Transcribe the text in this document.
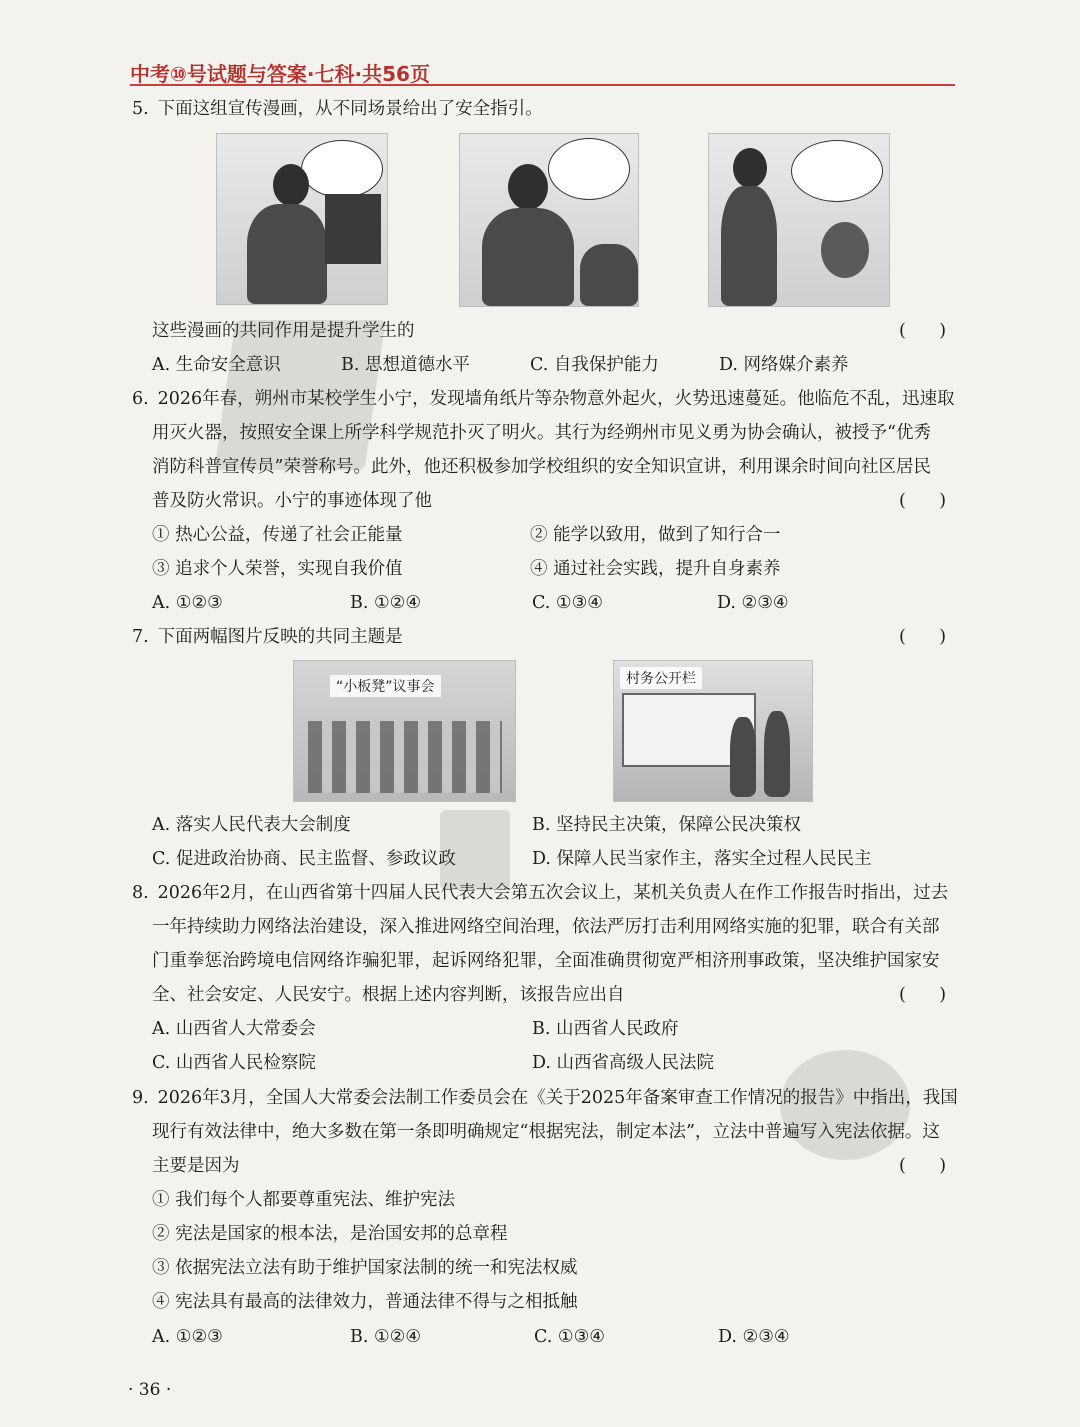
中考⑩号试题与答案·七科·共56页
5. 下面这组宣传漫画，从不同场景给出了安全指引。
这些漫画的共同作用是提升学生的	(      )
A. 生命安全意识	B. 思想道德水平	C. 自我保护能力	D. 网络媒介素养
6. 2026年春，朔州市某校学生小宁，发现墙角纸片等杂物意外起火，火势迅速蔓延。他临危不乱，迅速取
用灭火器，按照安全课上所学科学规范扑灭了明火。其行为经朔州市见义勇为协会确认，被授予“优秀
消防科普宣传员”荣誉称号。此外，他还积极参加学校组织的安全知识宣讲，利用课余时间向社区居民
普及防火常识。小宁的事迹体现了他	(      )
① 热心公益，传递了社会正能量	② 能学以致用，做到了知行合一
③ 追求个人荣誉，实现自我价值	④ 通过社会实践，提升自身素养
A. ①②③	B. ①②④	C. ①③④	D. ②③④
7. 下面两幅图片反映的共同主题是	(      )
“小板凳”议事会	村务公开栏
A. 落实人民代表大会制度	B. 坚持民主决策，保障公民决策权
C. 促进政治协商、民主监督、参政议政	D. 保障人民当家作主，落实全过程人民民主
8. 2026年2月，在山西省第十四届人民代表大会第五次会议上，某机关负责人在作工作报告时指出，过去
一年持续助力网络法治建设，深入推进网络空间治理，依法严厉打击利用网络实施的犯罪，联合有关部
门重拳惩治跨境电信网络诈骗犯罪，起诉网络犯罪，全面准确贯彻宽严相济刑事政策，坚决维护国家安
全、社会安定、人民安宁。根据上述内容判断，该报告应出自	(      )
A. 山西省人大常委会	B. 山西省人民政府
C. 山西省人民检察院	D. 山西省高级人民法院
9. 2026年3月，全国人大常委会法制工作委员会在《关于2025年备案审查工作情况的报告》中指出，我国
现行有效法律中，绝大多数在第一条即明确规定“根据宪法，制定本法”，立法中普遍写入宪法依据。这
主要是因为	(      )
① 我们每个人都要尊重宪法、维护宪法
② 宪法是国家的根本法，是治国安邦的总章程
③ 依据宪法立法有助于维护国家法制的统一和宪法权威
④ 宪法具有最高的法律效力，普通法律不得与之相抵触
A. ①②③	B. ①②④	C. ①③④	D. ②③④
· 36 ·
